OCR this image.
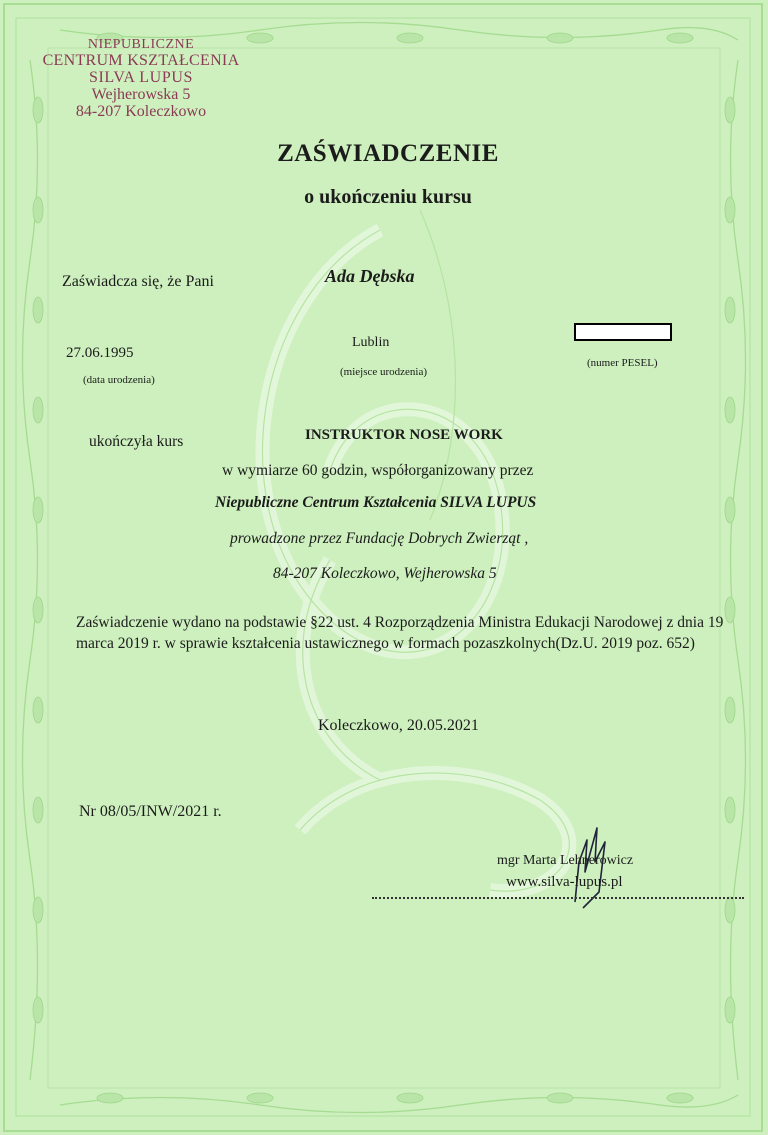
NIEPUBLICZNE
CENTRUM KSZTAŁCENIA
SILVA LUPUS
Wejherowska 5
84-207 Koleczkowo
ZAŚWIADCZENIE
o ukończeniu kursu
Zaświadcza się, że Pani	Ada Dębska
27.06.1995
(data urodzenia)
Lublin
(miejsce urodzenia)
(numer PESEL)
ukończyła kurs	INSTRUKTOR NOSE WORK
w wymiarze 60 godzin, współorganizowany przez
Niepubliczne Centrum Kształcenia SILVA LUPUS
prowadzone przez Fundację Dobrych Zwierząt ,
84-207 Koleczkowo, Wejherowska 5
Zaświadczenie wydano na podstawie §22 ust. 4 Rozporządzenia Ministra Edukacji Narodowej z dnia 19 marca 2019 r. w sprawie kształcenia ustawicznego w formach pozaszkolnych(Dz.U. 2019 poz. 652)
Koleczkowo, 20.05.2021
Nr 08/05/INW/2021 r.
mgr Marta Lehnerowicz
www.silva-lupus.pl
